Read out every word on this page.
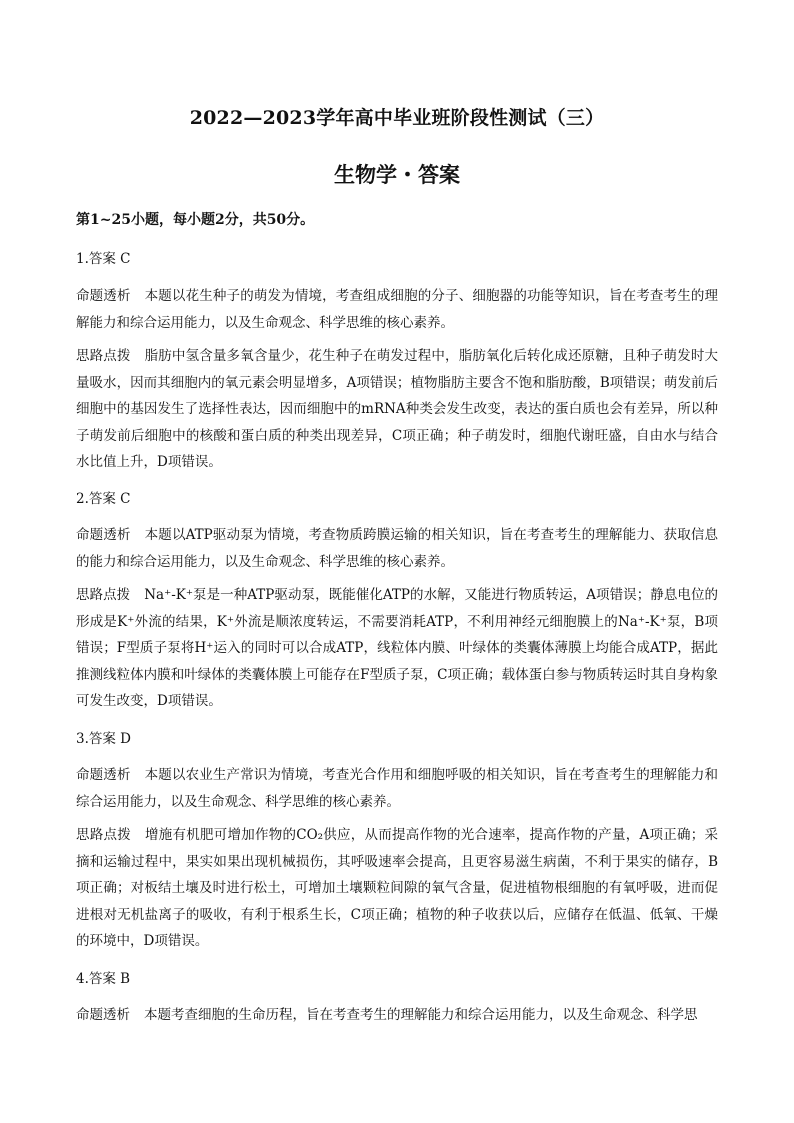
2022—2023学年高中毕业班阶段性测试（三）
生物学・答案
第1~25小题，每小题2分，共50分。
1.答案 C
命题透析 本题以花生种子的萌发为情境，考查组成细胞的分子、细胞器的功能等知识，旨在考查考生的理解能力和综合运用能力，以及生命观念、科学思维的核心素养。
思路点拨 脂肪中氢含量多氧含量少，花生种子在萌发过程中，脂肪氧化后转化成还原糖，且种子萌发时大量吸水，因而其细胞内的氧元素会明显增多，A项错误；植物脂肪主要含不饱和脂肪酸，B项错误；萌发前后细胞中的基因发生了选择性表达，因而细胞中的mRNA种类会发生改变，表达的蛋白质也会有差异，所以种子萌发前后细胞中的核酸和蛋白质的种类出现差异，C项正确；种子萌发时，细胞代谢旺盛，自由水与结合水比值上升，D项错误。
2.答案 C
命题透析 本题以ATP驱动泵为情境，考查物质跨膜运输的相关知识，旨在考查考生的理解能力、获取信息的能力和综合运用能力，以及生命观念、科学思维的核心素养。
思路点拨 Na⁺-K⁺泵是一种ATP驱动泵，既能催化ATP的水解，又能进行物质转运，A项错误；静息电位的形成是K⁺外流的结果，K⁺外流是顺浓度转运，不需要消耗ATP，不利用神经元细胞膜上的Na⁺-K⁺泵，B项错误；F型质子泵将H⁺运入的同时可以合成ATP，线粒体内膜、叶绿体的类囊体薄膜上均能合成ATP，据此推测线粒体内膜和叶绿体的类囊体膜上可能存在F型质子泵，C项正确；载体蛋白参与物质转运时其自身构象可发生改变，D项错误。
3.答案 D
命题透析 本题以农业生产常识为情境，考查光合作用和细胞呼吸的相关知识，旨在考查考生的理解能力和综合运用能力，以及生命观念、科学思维的核心素养。
思路点拨 增施有机肥可增加作物的CO₂供应，从而提高作物的光合速率，提高作物的产量，A项正确；采摘和运输过程中，果实如果出现机械损伤，其呼吸速率会提高，且更容易滋生病菌，不利于果实的储存，B项正确；对板结土壤及时进行松土，可增加土壤颗粒间隙的氧气含量，促进植物根细胞的有氧呼吸，进而促进根对无机盐离子的吸收，有利于根系生长，C项正确；植物的种子收获以后，应储存在低温、低氧、干燥的环境中，D项错误。
4.答案 B
命题透析 本题考查细胞的生命历程，旨在考查考生的理解能力和综合运用能力，以及生命观念、科学思
